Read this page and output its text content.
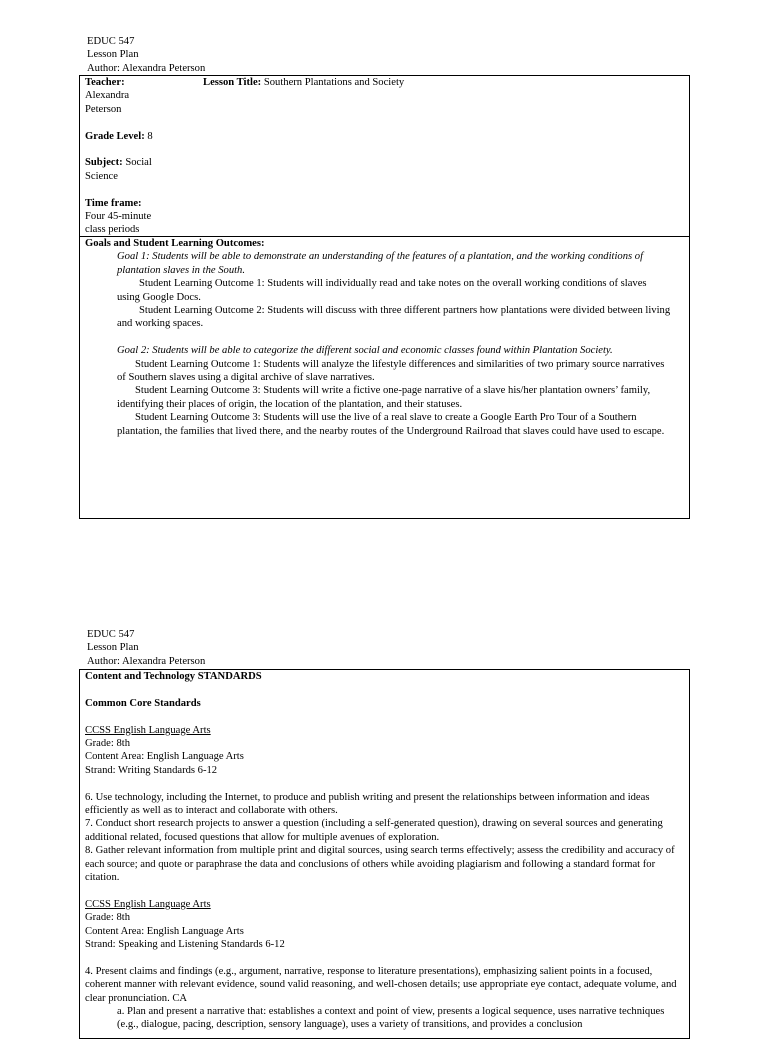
EDUC 547
Lesson Plan
Author: Alexandra Peterson
Teacher:
Alexandra
Peterson
Grade Level: 8
Subject: Social
Science
Time frame:
Four 45-minute
class periods
Lesson Title: Southern Plantations and Society
Goals and Student Learning Outcomes:

Goal 1: Students will be able to demonstrate an understanding of the features of a plantation, and the working conditions of plantation slaves in the South.

Student Learning Outcome 1: Students will individually read and take notes on the overall working conditions of slaves using Google Docs.

Student Learning Outcome 2: Students will discuss with three different partners how plantations were divided between living and working spaces.

Goal 2: Students will be able to categorize the different social and economic classes found within Plantation Society.

Student Learning Outcome 1: Students will analyze the lifestyle differences and similarities of two primary source narratives of Southern slaves using a digital archive of slave narratives.

Student Learning Outcome 3: Students will write a fictive one-page narrative of a slave his/her plantation owners’ family, identifying their places of origin, the location of the plantation, and their statuses.

Student Learning Outcome 3: Students will use the live of a real slave to create a Google Earth Pro Tour of a Southern plantation, the families that lived there, and the nearby routes of the Underground Railroad that slaves could have used to escape.

EDUC 547
Lesson Plan
Author: Alexandra Peterson

Content and Technology STANDARDS

Common Core Standards

CCSS English Language Arts

Grade: 8th

Content Area: English Language Arts

Strand: Writing Standards 6-12

6. Use technology, including the Internet, to produce and publish writing and present the relationships between information and ideas efficiently as well as to interact and collaborate with others.

7. Conduct short research projects to answer a question (including a self-generated question), drawing on several sources and generating additional related, focused questions that allow for multiple avenues of exploration.

8. Gather relevant information from multiple print and digital sources, using search terms effectively; assess the credibility and accuracy of each source; and quote or paraphrase the data and conclusions of others while avoiding plagiarism and following a standard format for citation.

CCSS English Language Arts

Grade: 8th

Content Area: English Language Arts

Strand: Speaking and Listening Standards 6-12

4. Present claims and findings (e.g., argument, narrative, response to literature presentations), emphasizing salient points in a focused, coherent manner with relevant evidence, sound valid reasoning, and well-chosen details; use appropriate eye contact, adequate volume, and clear pronunciation. CA

a. Plan and present a narrative that: establishes a context and point of view, presents a logical sequence, uses narrative techniques (e.g., dialogue, pacing, description, sensory language), uses a variety of transitions, and provides a conclusion
